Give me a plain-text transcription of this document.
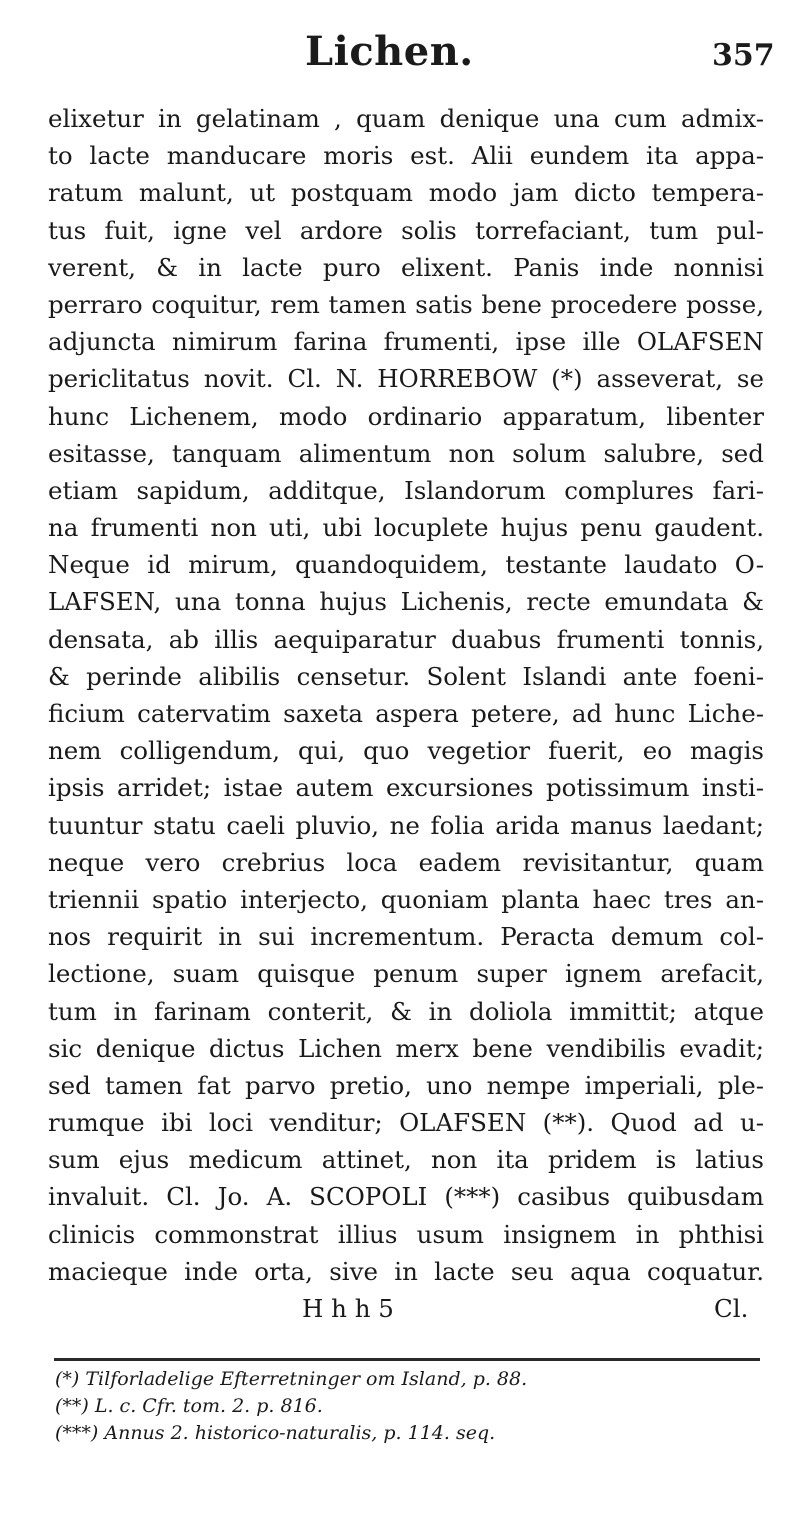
Lichen.	357
elixetur in gelatinam , quam denique una cum admix-
to lacte manducare moris est. Alii eundem ita appa-
ratum malunt, ut postquam modo jam dicto tempera-
tus fuit, igne vel ardore solis torrefaciant, tum pul-
verent, & in lacte puro elixent. Panis inde nonnisi
perraro coquitur, rem tamen satis bene procedere posse,
adjuncta nimirum farina frumenti, ipse ille OLAFSEN
periclitatus novit. Cl. N. HORREBOW (*) asseverat, se
hunc Lichenem, modo ordinario apparatum, libenter
esitasse, tanquam alimentum non solum salubre, sed
etiam sapidum, additque, Islandorum complures fari-
na frumenti non uti, ubi locuplete hujus penu gaudent.
Neque id mirum, quandoquidem, testante laudato O-
LAFSEN, una tonna hujus Lichenis, recte emundata &
densata, ab illis aequiparatur duabus frumenti tonnis,
& perinde alibilis censetur. Solent Islandi ante foeni-
ficium catervatim saxeta aspera petere, ad hunc Liche-
nem colligendum, qui, quo vegetior fuerit, eo magis
ipsis arridet; istae autem excursiones potissimum insti-
tuuntur statu caeli pluvio, ne folia arida manus laedant;
neque vero crebrius loca eadem revisitantur, quam
triennii spatio interjecto, quoniam planta haec tres an-
nos requirit in sui incrementum. Peracta demum col-
lectione, suam quisque penum super ignem arefacit,
tum in farinam conterit, & in doliola immittit; atque
sic denique dictus Lichen merx bene vendibilis evadit;
sed tamen fat parvo pretio, uno nempe imperiali, ple-
rumque ibi loci venditur; OLAFSEN (**). Quod ad u-
sum ejus medicum attinet, non ita pridem is latius
invaluit. Cl. Jo. A. SCOPOLI (***) casibus quibusdam
clinicis commonstrat illius usum insignem in phthisi
macieque inde orta, sive in lacte seu aqua coquatur.
H h h 5	Cl.
(*) Tilforladelige Efterretninger om Island, p. 88.
(**) L. c. Cfr. tom. 2. p. 816.
(***) Annus 2. historico-naturalis, p. 114. seq.
